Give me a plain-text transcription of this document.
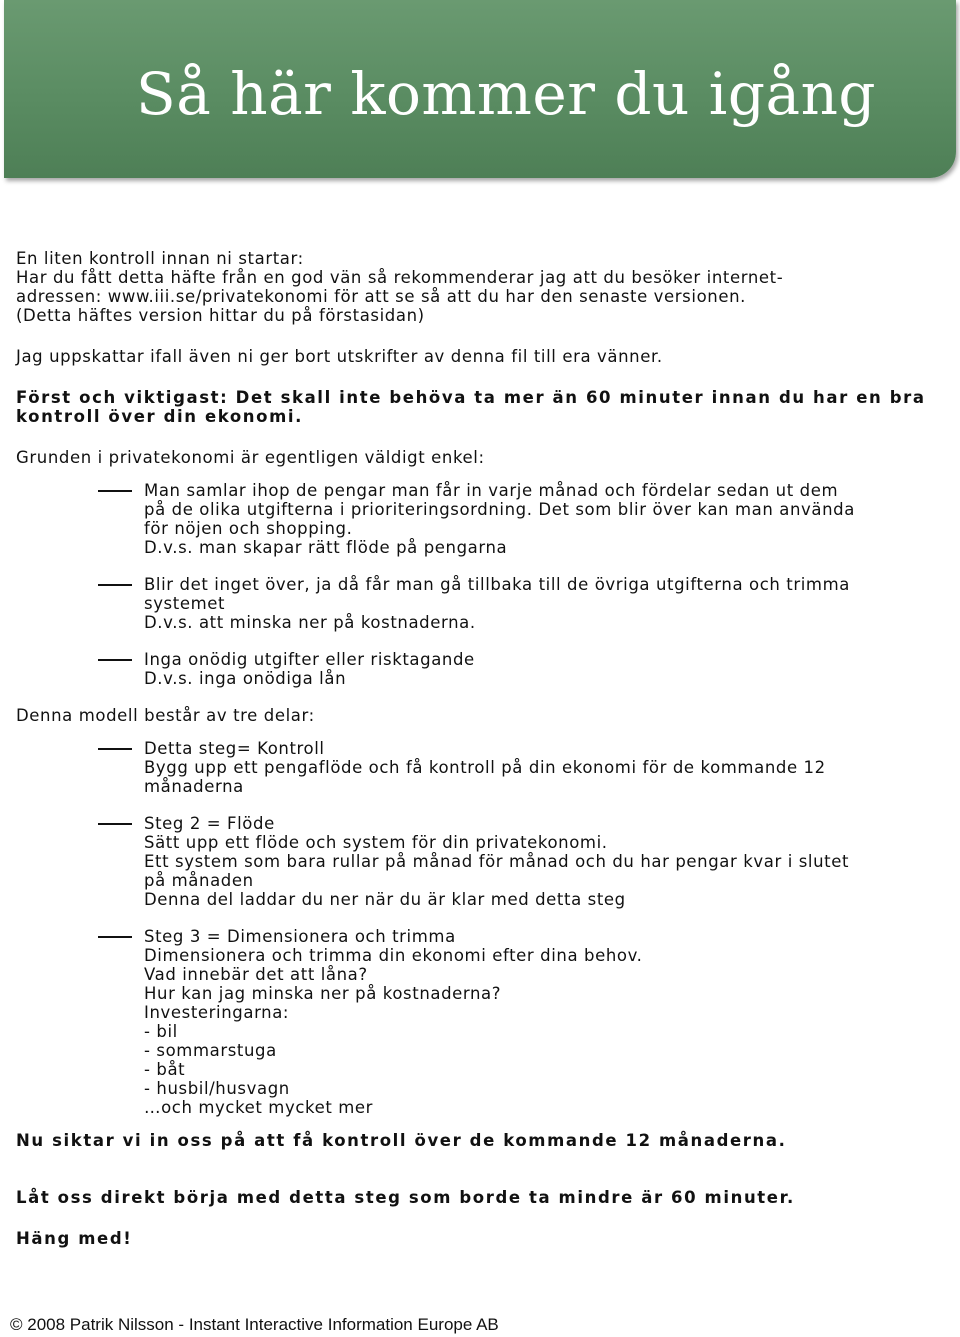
Så här kommer du igång

En liten kontroll innan ni startar:
Har du fått detta häfte från en god vän så rekommenderar jag att du besöker internet-
adressen: www.iii.se/privatekonomi för att se så att du har den senaste versionen.
(Detta häftes version hittar du på förstasidan)

Jag uppskattar ifall även ni ger bort utskrifter av denna fil till era vänner.

Först och viktigast: Det skall inte behöva ta mer än 60 minuter innan du har en bra
kontroll över din ekonomi.

Grunden i privatekonomi är egentligen väldigt enkel:

Man samlar ihop de pengar man får in varje månad och fördelar sedan ut dem
på de olika utgifterna i prioriteringsordning. Det som blir över kan man använda
för nöjen och shopping.
D.v.s. man skapar rätt flöde på pengarna
Blir det inget över, ja då får man gå tillbaka till de övriga utgifterna och trimma
systemet
D.v.s. att minska ner på kostnaderna.
Inga onödig utgifter eller risktagande
D.v.s. inga onödiga lån

Denna modell består av tre delar:

Detta steg= Kontroll
Bygg upp ett pengaflöde och få kontroll på din ekonomi för de kommande 12
månaderna
Steg 2 = Flöde
Sätt upp ett flöde och system för din privatekonomi.
Ett system som bara rullar på månad för månad och du har pengar kvar i slutet
på månaden
Denna del laddar du ner när du är klar med detta steg
Steg 3 = Dimensionera och trimma
Dimensionera och trimma din ekonomi efter dina behov.
Vad innebär det att låna?
Hur kan jag minska ner på kostnaderna?
Investeringarna:
- bil
- sommarstuga
- båt
- husbil/husvagn
…och mycket mycket mer

Nu siktar vi in oss på att få kontroll över de kommande 12 månaderna.

Låt oss direkt börja med detta steg som borde ta mindre är 60 minuter.

Häng med!

© 2008 Patrik Nilsson - Instant Interactive Information Europe AB
